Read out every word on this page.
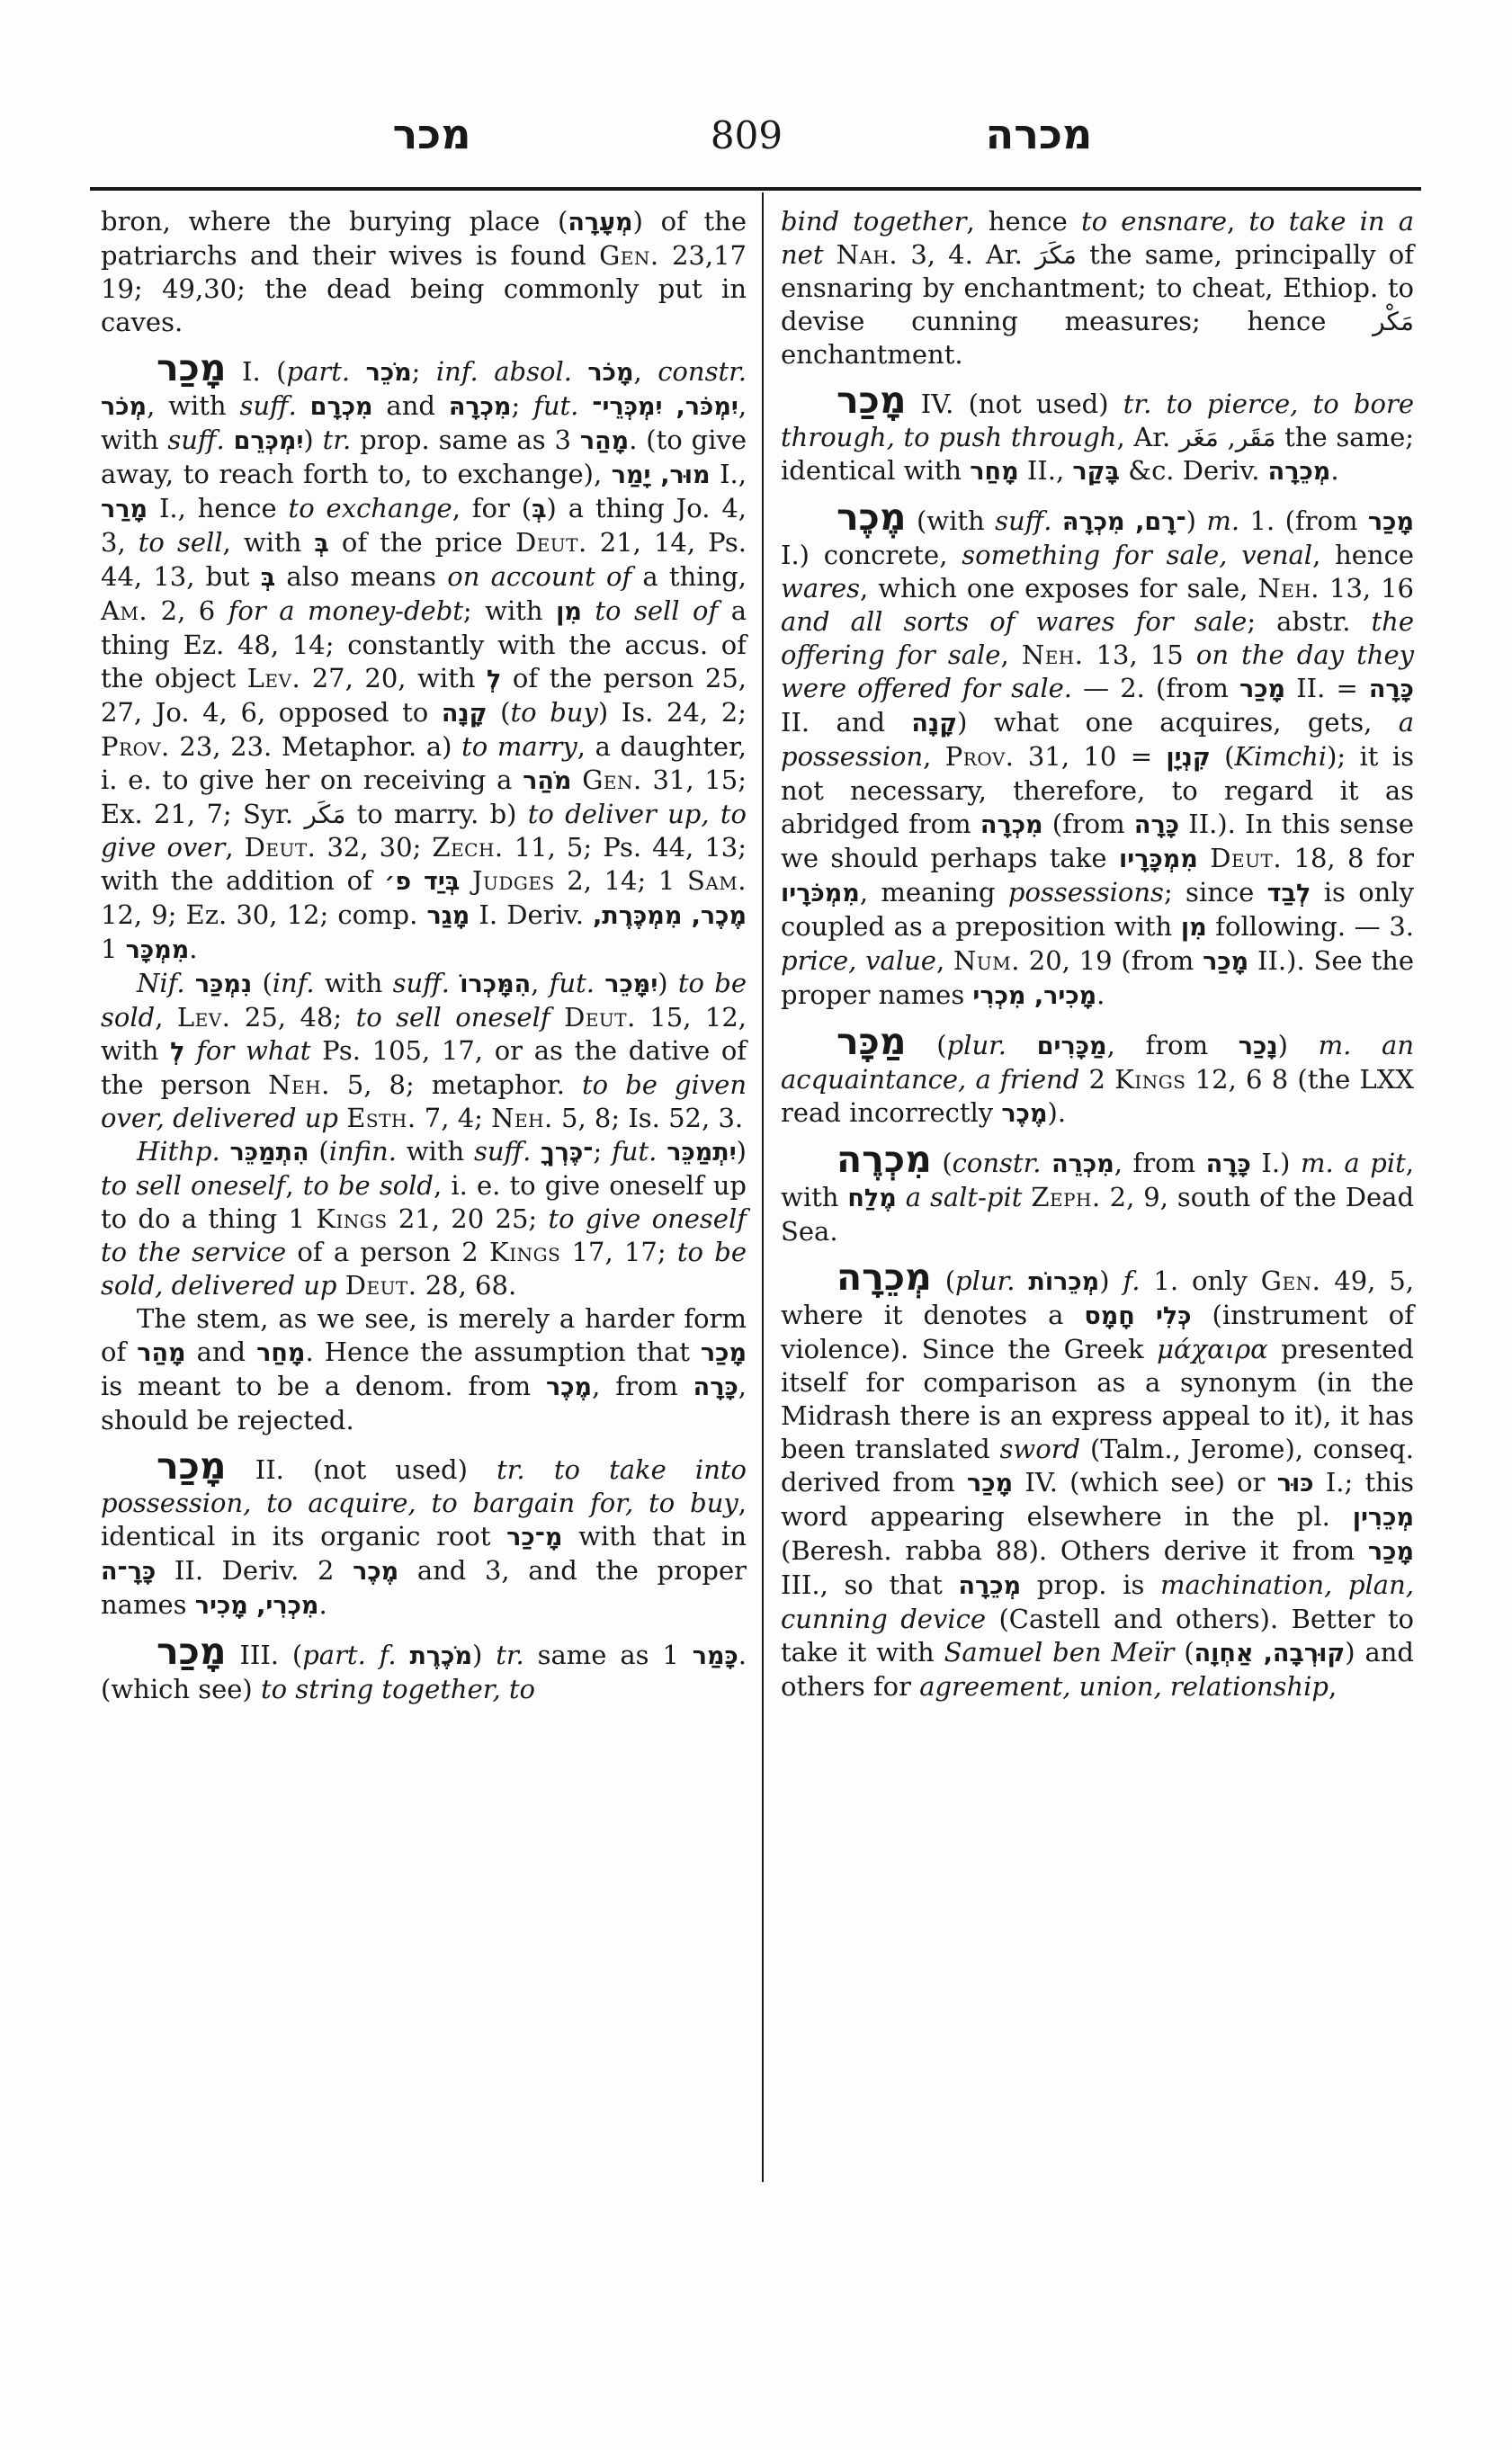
מכר	809	מכרה

bron, where the burying place (מְעָרָה) of the patriarchs and their wives is found Gen. 23,17 19; 49,30; the dead being commonly put in caves.

מָכַר I. (part. מֹכֵר; inf. absol. מָכֹר, constr. מְכֹר, with suff. מִכְרָם and מִכְרָהּ; fut. יִמְכֹּר, יִמְכְּרֵי־, with suff. יִמְכְּרֵם) tr. prop. same as מָהַר 3. (to give away, to reach forth to, to exchange), מוּר, יָמַר I., מָרַר I., hence to exchange, for (בְּ) a thing Jo. 4, 3, to sell, with בְּ of the price Deut. 21, 14, Ps. 44, 13, but בְּ also means on account of a thing, Am. 2, 6 for a money-debt; with מִן to sell of a thing Ez. 48, 14; constantly with the accus. of the object Lev. 27, 20, with לְ of the person 25, 27, Jo. 4, 6, opposed to קָנָה (to buy) Is. 24, 2; Prov. 23, 23. Metaphor. a) to marry, a daughter, i. e. to give her on receiving a מֹהַר Gen. 31, 15; Ex. 21, 7; Syr. مَكَر to marry. b) to deliver up, to give over, Deut. 32, 30; Zech. 11, 5; Ps. 44, 13; with the addition of בְּיַד פ׳ Judges 2, 14; 1 Sam. 12, 9; Ez. 30, 12; comp. מָגַר I. Deriv. מֶכֶר, מִמְכֶּרֶת, מִמְכָּר 1.

Nif. נִמְכַּר (inf. with suff. הִמָּכְרוֹ, fut. יִמָּכֵר) to be sold, Lev. 25, 48; to sell oneself Deut. 15, 12, with לְ for what Ps. 105, 17, or as the dative of the person Neh. 5, 8; metaphor. to be given over, delivered up Esth. 7, 4; Neh. 5, 8; Is. 52, 3.

Hithp. הִתְמַכֵּר (infin. with suff. ־כֶּרְךָ; fut. יִתְמַכֵּר) to sell oneself, to be sold, i. e. to give oneself up to do a thing 1 Kings 21, 20 25; to give oneself to the service of a person 2 Kings 17, 17; to be sold, delivered up Deut. 28, 68.

The stem, as we see, is merely a harder form of מָהַר and מָחַר. Hence the assumption that מָכַר is meant to be a denom. from מֶכֶר, from כָּרָה, should be rejected.

מָכַר II. (not used) tr. to take into possession, to acquire, to bargain for, to buy, identical in its organic root מָ־כַר with that in כָּרָ־ה II. Deriv. מֶכֶר 2 and 3, and the proper names מִכְרִי, מָכִיר.

מָכַר III. (part. f. מֹכֶרֶת) tr. same as כָּמַר 1. (which see) to string together, to

bind together, hence to ensnare, to take in a net Nah. 3, 4. Ar. مَكَرَ the same, principally of ensnaring by enchantment; to cheat, Ethiop. to devise cunning measures; hence مَكْر enchantment.

מָכַר IV. (not used) tr. to pierce, to bore through, to push through, Ar. مَقَر, مَغَر the same; identical with מָחַר II., בָּקַר &c. Deriv. מְכֵרָה.

מֶכֶר (with suff. ־רָם, מִכְרָהּ) m. 1. (from מָכַר I.) concrete, something for sale, venal, hence wares, which one exposes for sale, Neh. 13, 16 and all sorts of wares for sale; abstr. the offering for sale, Neh. 13, 15 on the day they were offered for sale. — 2. (from מָכַר II. = כָּרָה II. and קָנָה) what one acquires, gets, a possession, Prov. 31, 10 = קִנְיָן (Kimchi); it is not necessary, therefore, to regard it as abridged from מִכְרָה (from כָּרָה II.). In this sense we should perhaps take מִמְכָּרָיו Deut. 18, 8 for מִמְכֹּרָיו, meaning possessions; since לְבַד is only coupled as a preposition with מִן following. — 3. price, value, Num. 20, 19 (from מָכַר II.). See the proper names מָכִיר, מִכְרִי.

מַכָּר (plur. מַכָּרִים, from נָכַר) m. an acquaintance, a friend 2 Kings 12, 6 8 (the LXX read incorrectly מֶכֶר).

מִכְרֶה (constr. מִכְרֵה, from כָּרָה I.) m. a pit, with מֶלַח a salt-pit Zeph. 2, 9, south of the Dead Sea.

מְכֵרָה (plur. מְכֵרוֹת) f. 1. only Gen. 49, 5, where it denotes a כְּלִי חָמָס (instrument of violence). Since the Greek μάχαιρα presented itself for comparison as a synonym (in the Midrash there is an express appeal to it), it has been translated sword (Talm., Jerome), conseq. derived from מָכַר IV. (which see) or כּוּר I.; this word appearing elsewhere in the pl. מְכֵרִין (Beresh. rabba 88). Others derive it from מָכַר III., so that מְכֵרָה prop. is machination, plan, cunning device (Castell and others). Better to take it with Samuel ben Meïr (קוּרְבָה, אַחְוָה) and others for agreement, union, relationship,
